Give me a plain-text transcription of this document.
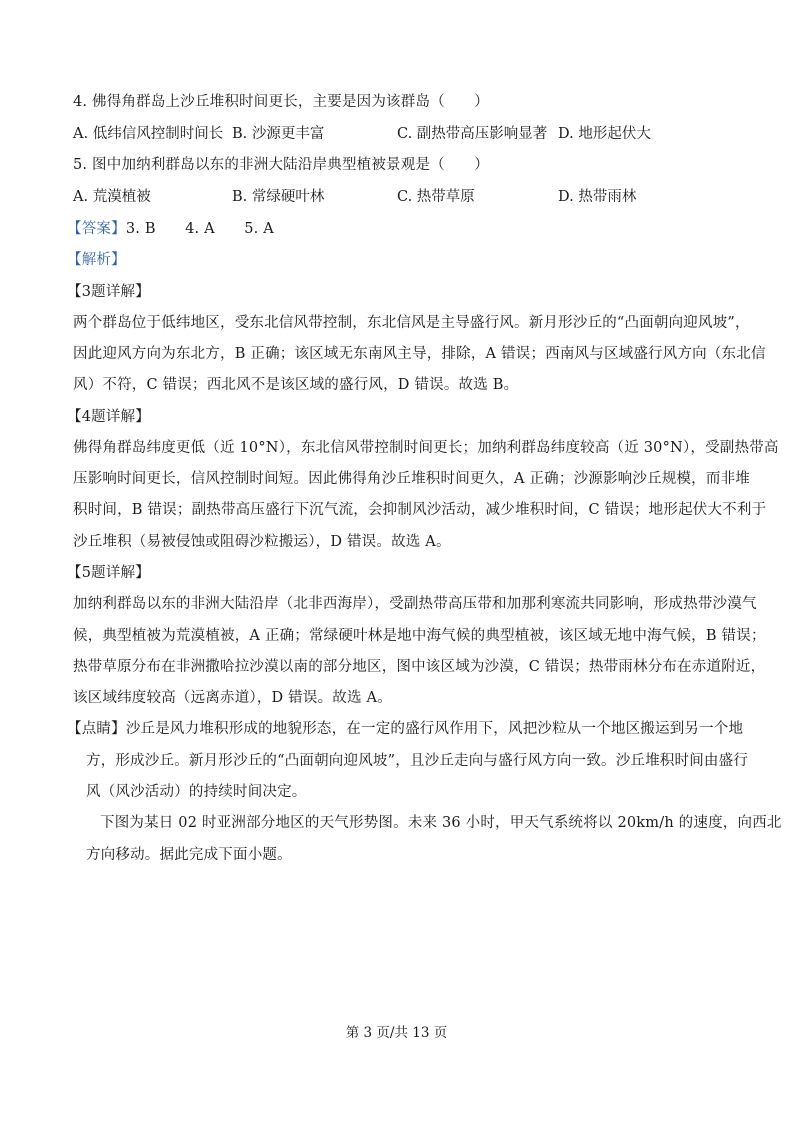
4. 佛得角群岛上沙丘堆积时间更长，主要是因为该群岛（　　）
A. 低纬信风控制时间长 B. 沙源更丰富	C. 副热带高压影响显著 D. 地形起伏大
5. 图中加纳利群岛以东的非洲大陆沿岸典型植被景观是（　　）
A. 荒漠植被	B. 常绿硬叶林	C. 热带草原	D. 热带雨林
【答案】3. B　　4. A　　5. A
【解析】
【3题详解】
两个群岛位于低纬地区，受东北信风带控制，东北信风是主导盛行风。新月形沙丘的“凸面朝向迎风坡”，
因此迎风方向为东北方，B 正确；该区域无东南风主导，排除，A 错误；西南风与区域盛行风方向（东北信
风）不符，C 错误；西北风不是该区域的盛行风，D 错误。故选 B。
【4题详解】
佛得角群岛纬度更低（近 10°N），东北信风带控制时间更长；加纳利群岛纬度较高（近 30°N），受副热带高
压影响时间更长，信风控制时间短。因此佛得角沙丘堆积时间更久，A 正确；沙源影响沙丘规模，而非堆
积时间，B 错误；副热带高压盛行下沉气流，会抑制风沙活动，减少堆积时间，C 错误；地形起伏大不利于
沙丘堆积（易被侵蚀或阻碍沙粒搬运），D 错误。故选 A。
【5题详解】
加纳利群岛以东的非洲大陆沿岸（北非西海岸），受副热带高压带和加那利寒流共同影响，形成热带沙漠气
候，典型植被为荒漠植被，A 正确；常绿硬叶林是地中海气候的典型植被，该区域无地中海气候，B 错误；
热带草原分布在非洲撒哈拉沙漠以南的部分地区，图中该区域为沙漠，C 错误；热带雨林分布在赤道附近，
该区域纬度较高（远离赤道），D 错误。故选 A。
【点睛】沙丘是风力堆积形成的地貌形态，在一定的盛行风作用下，风把沙粒从一个地区搬运到另一个地
方，形成沙丘。新月形沙丘的“凸面朝向迎风坡”，且沙丘走向与盛行风方向一致。沙丘堆积时间由盛行
风（风沙活动）的持续时间决定。
下图为某日 02 时亚洲部分地区的天气形势图。未来 36 小时，甲天气系统将以 20km/h 的速度，向西北
方向移动。据此完成下面小题。
第 3 页/共 13 页
